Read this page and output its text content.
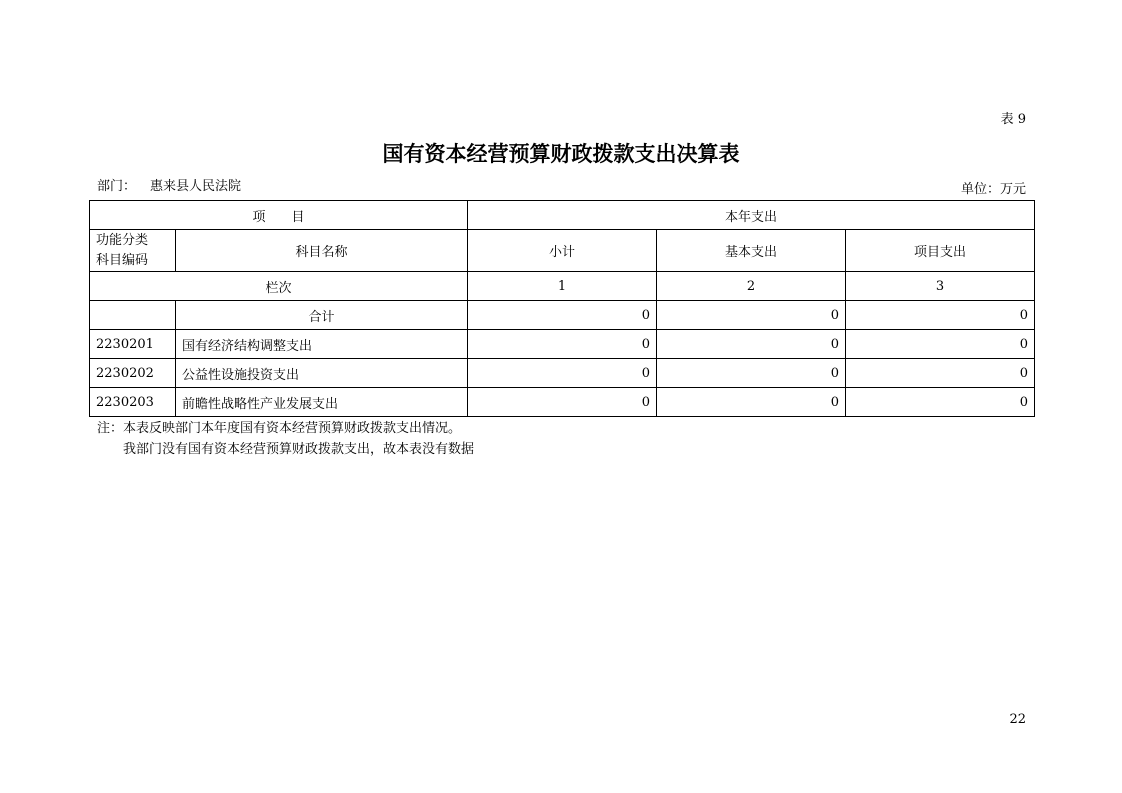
表 9
国有资本经营预算财政拨款支出决算表
部门： 惠来县人民法院	单位：万元
项　　目		本年支出		

功能分类
科目编码	科目名称	小计	基本支出	项目支出
栏次		1	2	3
	合计	0	0	0
2230201	国有经济结构调整支出	0	0	0
2230202	公益性设施投资支出	0	0	0
2230203	前瞻性战略性产业发展支出	0	0	0
注：本表反映部门本年度国有资本经营预算财政拨款支出情况。
我部门没有国有资本经营预算财政拨款支出，故本表没有数据
22
